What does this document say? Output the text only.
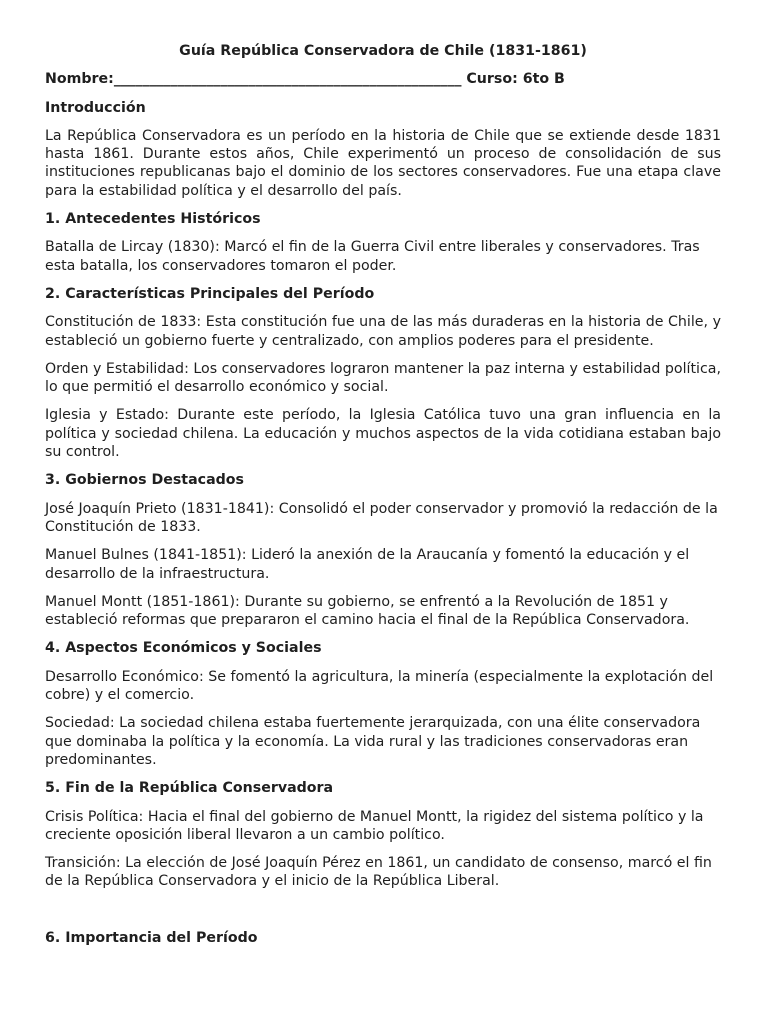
Guía República Conservadora de Chile (1831-1861)
Nombre:_________________________________________________ Curso: 6to B
Introducción

La República Conservadora es un período en la historia de Chile que se extiende desde 1831 hasta 1861. Durante estos años, Chile experimentó un proceso de consolidación de sus instituciones republicanas bajo el dominio de los sectores conservadores. Fue una etapa clave para la estabilidad política y el desarrollo del país.

1. Antecedentes Históricos

Batalla de Lircay (1830): Marcó el fin de la Guerra Civil entre liberales y conservadores. Tras esta batalla, los conservadores tomaron el poder.

2. Características Principales del Período

Constitución de 1833: Esta constitución fue una de las más duraderas en la historia de Chile, y estableció un gobierno fuerte y centralizado, con amplios poderes para el presidente.

Orden y Estabilidad: Los conservadores lograron mantener la paz interna y estabilidad política, lo que permitió el desarrollo económico y social.

Iglesia y Estado: Durante este período, la Iglesia Católica tuvo una gran influencia en la política y sociedad chilena. La educación y muchos aspectos de la vida cotidiana estaban bajo su control.

3. Gobiernos Destacados

José Joaquín Prieto (1831-1841): Consolidó el poder conservador y promovió la redacción de la Constitución de 1833.

Manuel Bulnes (1841-1851): Lideró la anexión de la Araucanía y fomentó la educación y el desarrollo de la infraestructura.

Manuel Montt (1851-1861): Durante su gobierno, se enfrentó a la Revolución de 1851 y estableció reformas que prepararon el camino hacia el final de la República Conservadora.

4. Aspectos Económicos y Sociales

Desarrollo Económico: Se fomentó la agricultura, la minería (especialmente la explotación del cobre) y el comercio.

Sociedad: La sociedad chilena estaba fuertemente jerarquizada, con una élite conservadora que dominaba la política y la economía. La vida rural y las tradiciones conservadoras eran predominantes.

5. Fin de la República Conservadora

Crisis Política: Hacia el final del gobierno de Manuel Montt, la rigidez del sistema político y la creciente oposición liberal llevaron a un cambio político.

Transición: La elección de José Joaquín Pérez en 1861, un candidato de consenso, marcó el fin de la República Conservadora y el inicio de la República Liberal.

6. Importancia del Período
